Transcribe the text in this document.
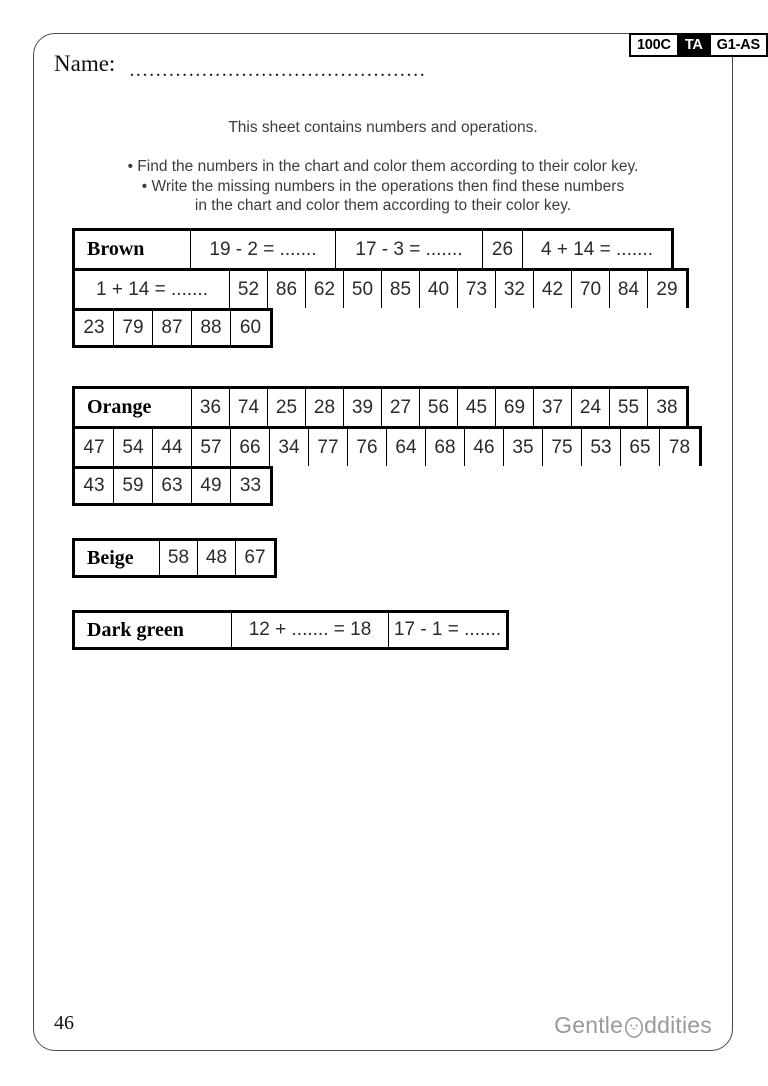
100C TA G1-AS
Name: .............................................
This sheet contains numbers and operations.
• Find the numbers in the chart and color them according to their color key.
• Write the missing numbers in the operations then find these numbers
in the chart and color them according to their color key.
Brown	19 - 2 = .......	17 - 3 = .......	26	4 + 14 = .......
1 + 14 = .......	52 86 62 50 85 40 73 32 42 70 84 29
23 79 87 88 60
Orange	36 74 25 28 39 27 56 45 69 37 24 55 38
47 54 44 57 66 34 77 76 64 68 46 35 75 53 65 78
43 59 63 49 33
Beige	58 48 67
Dark green	12 + ....... = 18	17 - 1 = .......
46	Gentle ddities
